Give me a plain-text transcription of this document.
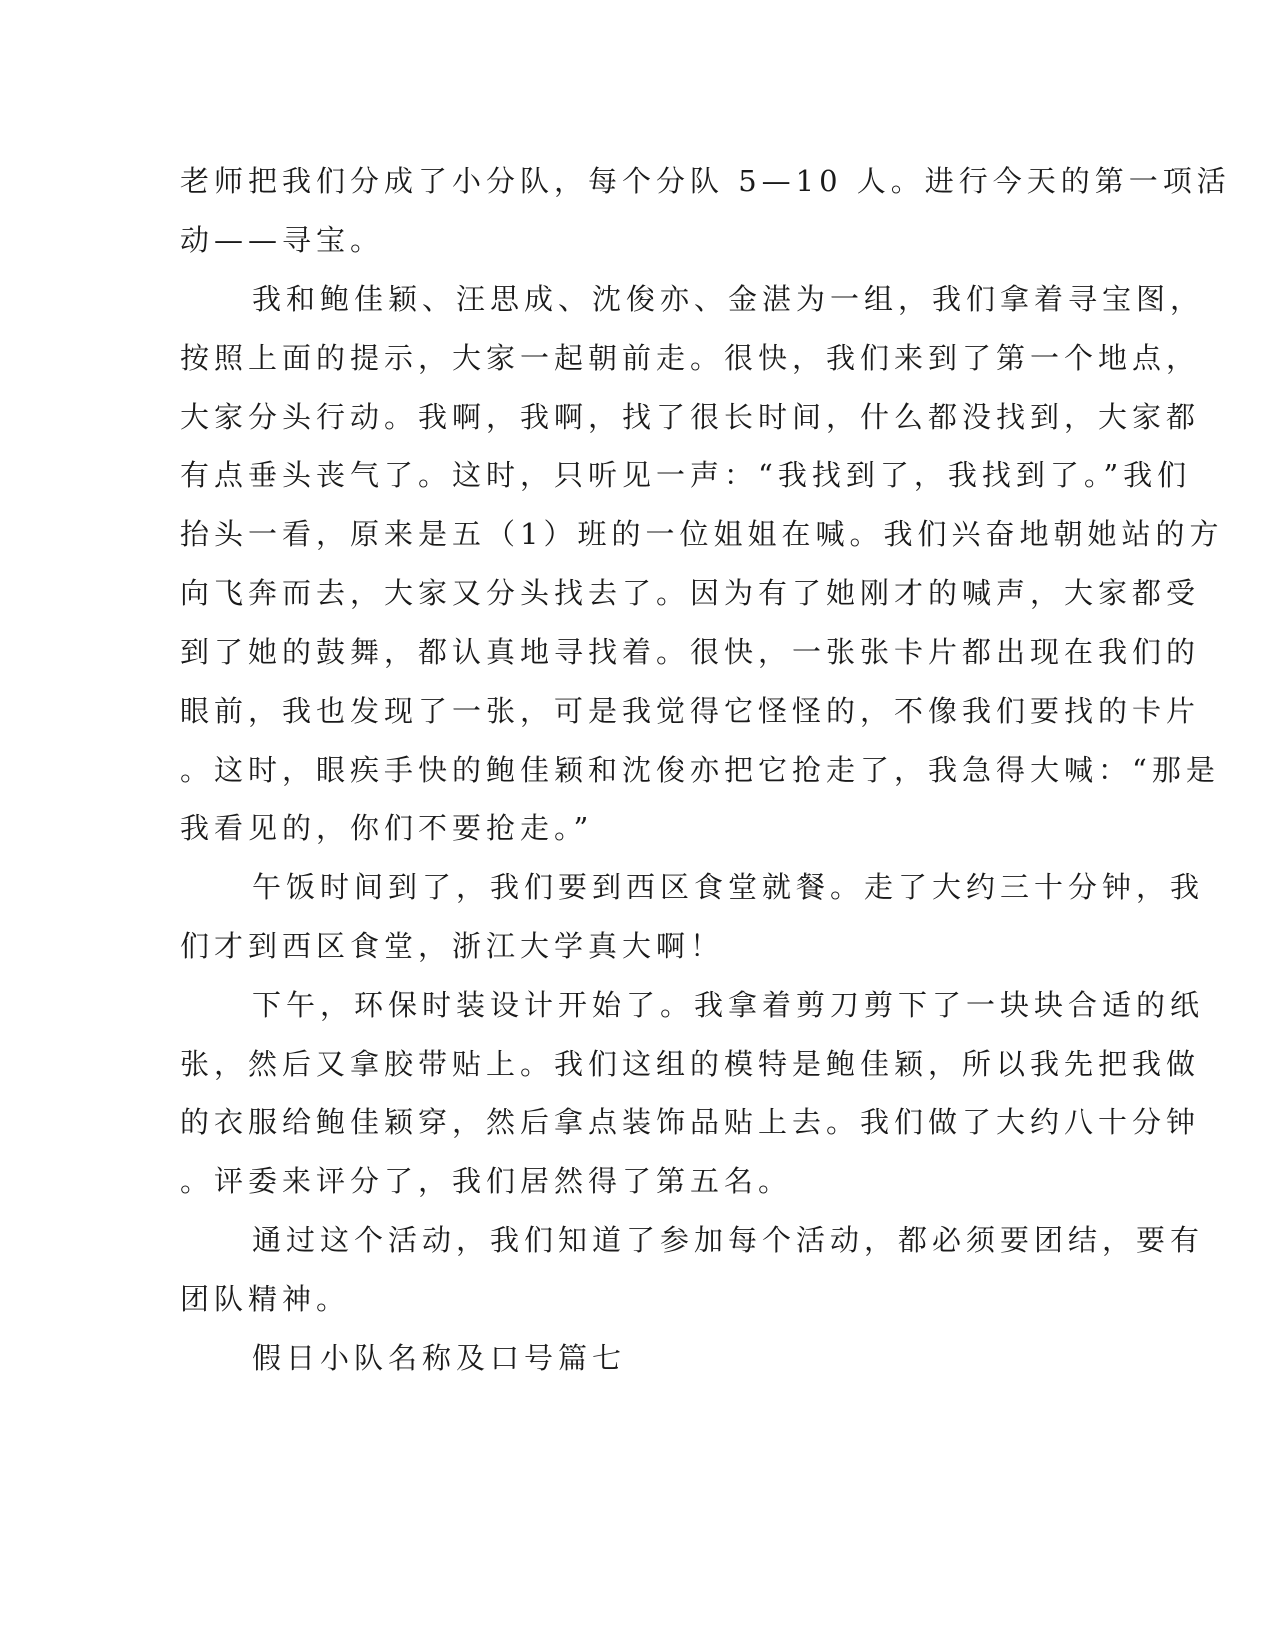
老师把我们分成了小分队，每个分队 5—10 人。进行今天的第一项活
动——寻宝。
我和鲍佳颖、汪思成、沈俊亦、金湛为一组，我们拿着寻宝图，
按照上面的提示，大家一起朝前走。很快，我们来到了第一个地点，
大家分头行动。我啊，我啊，找了很长时间，什么都没找到，大家都
有点垂头丧气了。这时，只听见一声：“我找到了，我找到了。”我们
抬头一看，原来是五（1）班的一位姐姐在喊。我们兴奋地朝她站的方
向飞奔而去，大家又分头找去了。因为有了她刚才的喊声，大家都受
到了她的鼓舞，都认真地寻找着。很快，一张张卡片都出现在我们的
眼前，我也发现了一张，可是我觉得它怪怪的，不像我们要找的卡片
。这时，眼疾手快的鲍佳颖和沈俊亦把它抢走了，我急得大喊：“那是
我看见的，你们不要抢走。”
午饭时间到了，我们要到西区食堂就餐。走了大约三十分钟，我
们才到西区食堂，浙江大学真大啊！
下午，环保时装设计开始了。我拿着剪刀剪下了一块块合适的纸
张，然后又拿胶带贴上。我们这组的模特是鲍佳颖，所以我先把我做
的衣服给鲍佳颖穿，然后拿点装饰品贴上去。我们做了大约八十分钟
。评委来评分了，我们居然得了第五名。
通过这个活动，我们知道了参加每个活动，都必须要团结，要有
团队精神。
假日小队名称及口号篇七
